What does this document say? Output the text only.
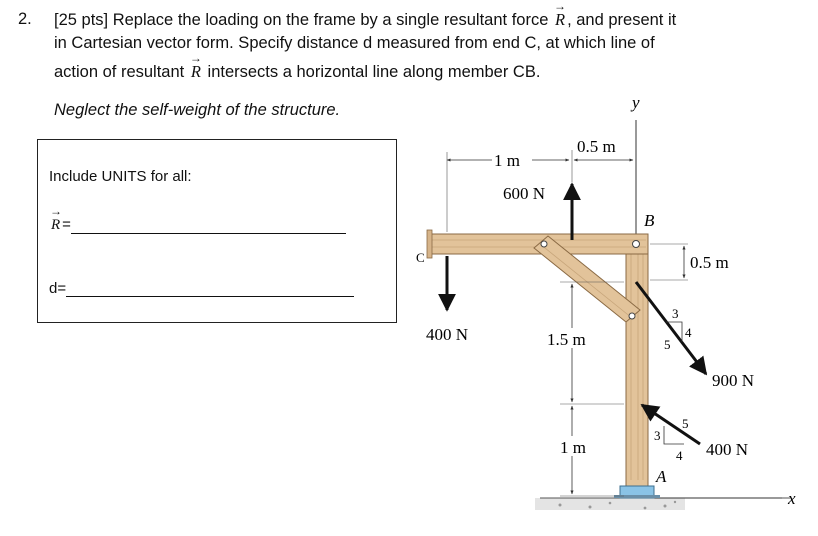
2. [25 pts] Replace the loading on the frame by a single resultant force → R , and present it
in Cartesian vector form. Specify distance d measured from end C, at which line of
action of resultant → R intersects a horizontal line along member CB.
Neglect the self-weight of the structure.
Include UNITS for all:
→ R =
d=
x
y
C
B
A
400 N
600 N
1 m
0.5 m
0.5 m
1.5 m
1 m
900 N
3
4
5
400 N
3
4
5
